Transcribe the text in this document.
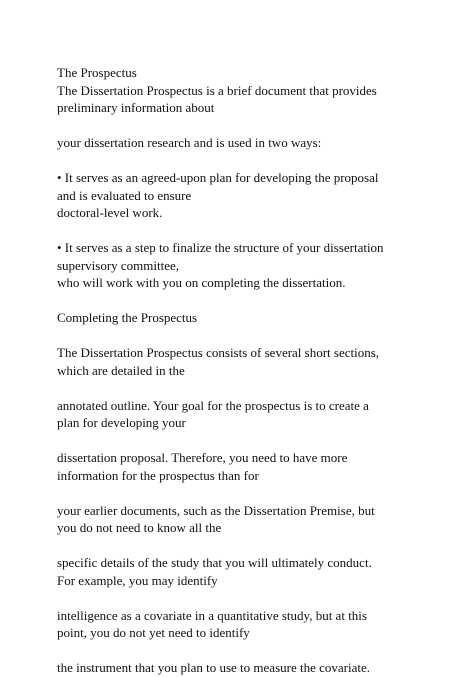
The Prospectus
The Dissertation Prospectus is a brief document that provides
preliminary information about

your dissertation research and is used in two ways:

• It serves as an agreed-upon plan for developing the proposal
and is evaluated to ensure
doctoral-level work.

• It serves as a step to finalize the structure of your dissertation
supervisory committee,
who will work with you on completing the dissertation.

Completing the Prospectus

The Dissertation Prospectus consists of several short sections,
which are detailed in the

annotated outline. Your goal for the prospectus is to create a
plan for developing your

dissertation proposal. Therefore, you need to have more
information for the prospectus than for

your earlier documents, such as the Dissertation Premise, but
you do not need to know all the

specific details of the study that you will ultimately conduct.
For example, you may identify

intelligence as a covariate in a quantitative study, but at this
point, you do not yet need to identify

the instrument that you plan to use to measure the covariate.
